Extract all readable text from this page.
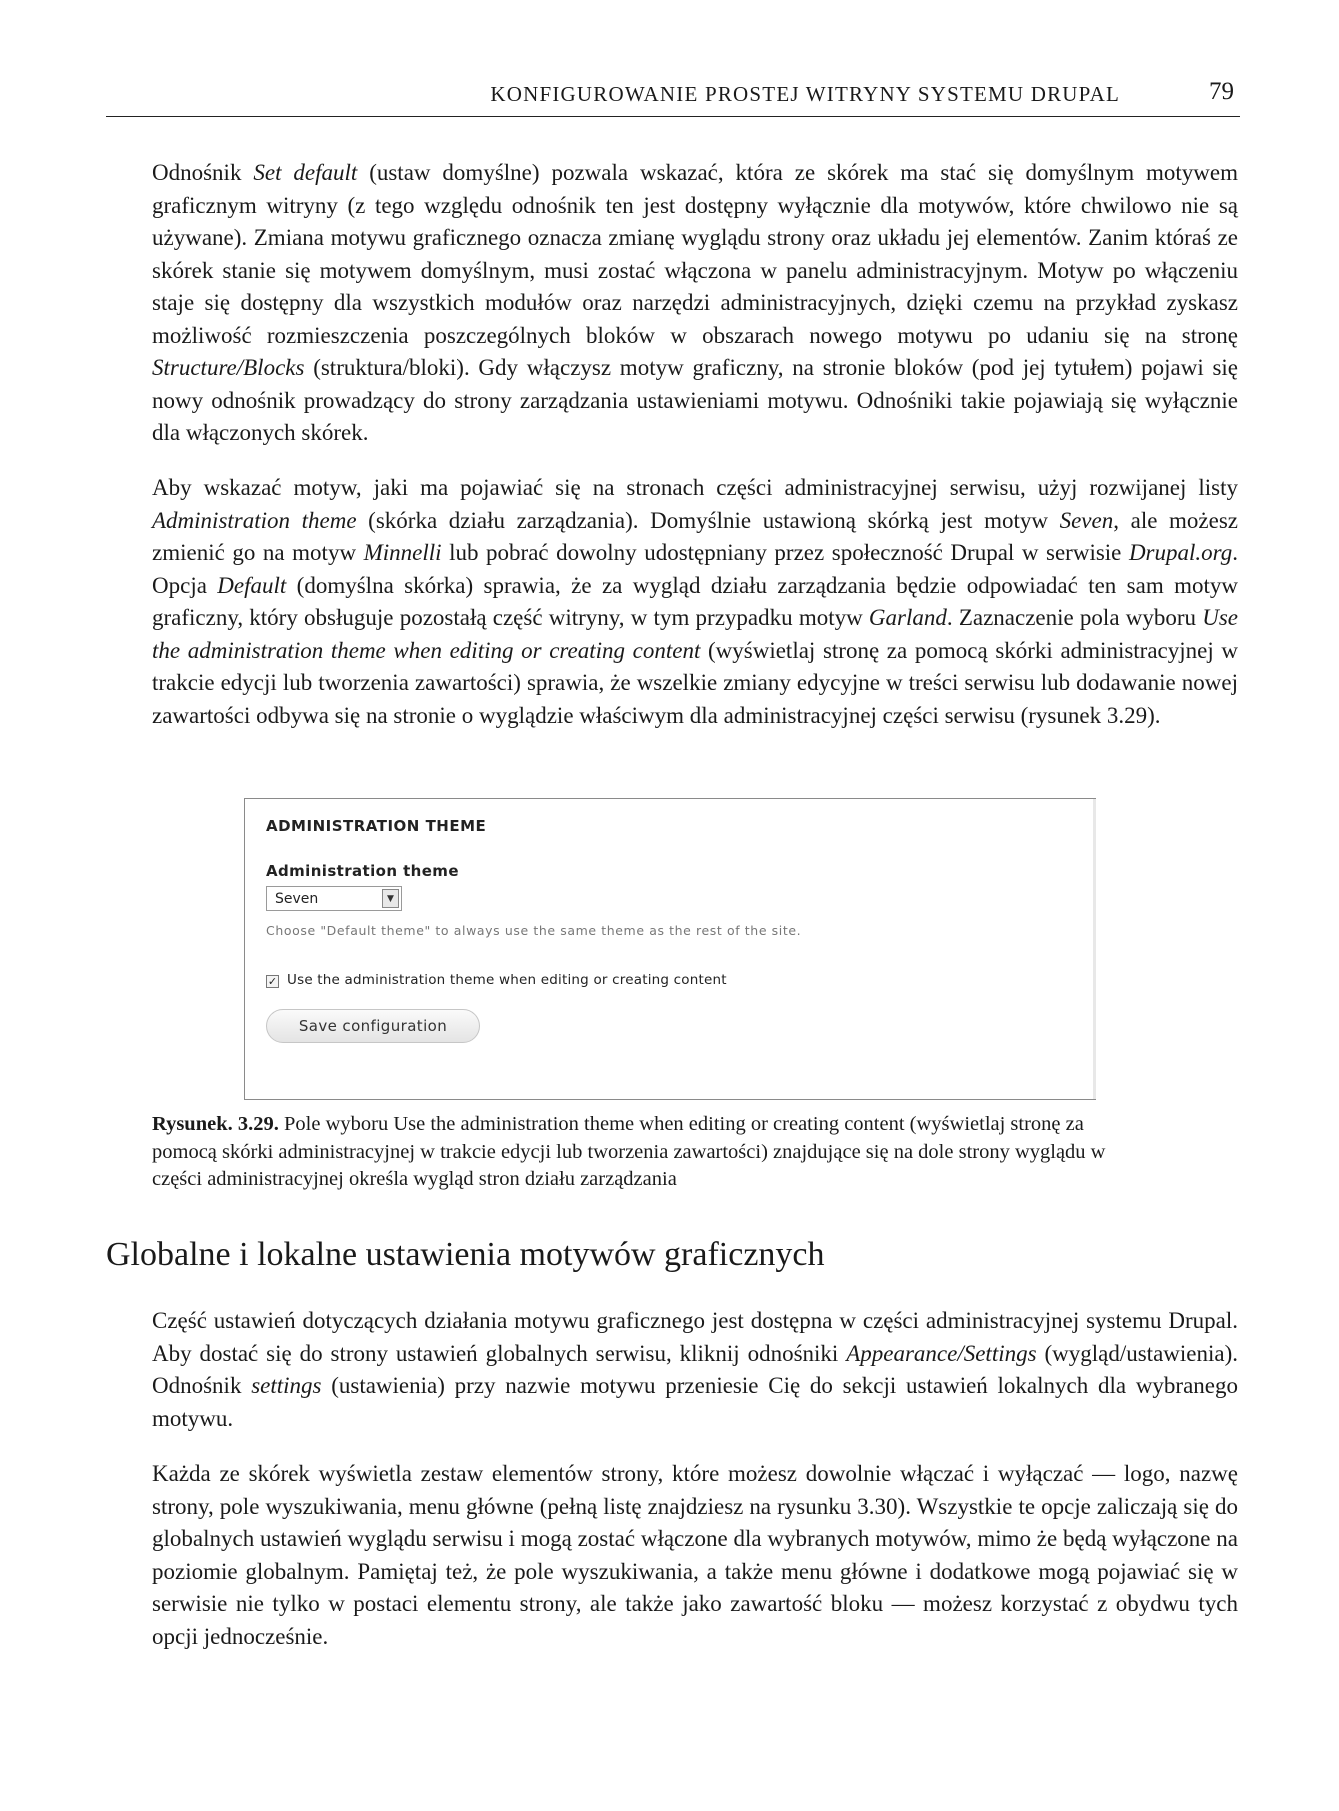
KONFIGUROWANIE PROSTEJ WITRYNY SYSTEMU DRUPAL	79

Odnośnik Set default (ustaw domyślne) pozwala wskazać, która ze skórek ma stać się domyślnym motywem graficznym witryny (z tego względu odnośnik ten jest dostępny wyłącznie dla motywów, które chwilowo nie są używane). Zmiana motywu graficznego oznacza zmianę wyglądu strony oraz układu jej elementów. Zanim któraś ze skórek stanie się motywem domyślnym, musi zostać włączona w panelu administracyjnym. Motyw po włączeniu staje się dostępny dla wszystkich modułów oraz narzędzi administracyjnych, dzięki czemu na przykład zyskasz możliwość rozmieszczenia poszczególnych bloków w obszarach nowego motywu po udaniu się na stronę Structure/Blocks (struktura/bloki). Gdy włączysz motyw graficzny, na stronie bloków (pod jej tytułem) pojawi się nowy odnośnik prowadzący do strony zarządzania ustawieniami motywu. Odnośniki takie pojawiają się wyłącznie dla włączonych skórek.

Aby wskazać motyw, jaki ma pojawiać się na stronach części administracyjnej serwisu, użyj rozwijanej listy Administration theme (skórka działu zarządzania). Domyślnie ustawioną skórką jest motyw Seven, ale możesz zmienić go na motyw Minnelli lub pobrać dowolny udostępniany przez społeczność Drupal w serwisie Drupal.org. Opcja Default (domyślna skórka) sprawia, że za wygląd działu zarządzania będzie odpowiadać ten sam motyw graficzny, który obsługuje pozostałą część witryny, w tym przypadku motyw Garland. Zaznaczenie pola wyboru Use the administration theme when editing or creating content (wyświetlaj stronę za pomocą skórki administracyjnej w trakcie edycji lub tworzenia zawartości) sprawia, że wszelkie zmiany edycyjne w treści serwisu lub dodawanie nowej zawartości odbywa się na stronie o wyglądzie właściwym dla administracyjnej części serwisu (rysunek 3.29).

ADMINISTRATION THEME
Administration theme
Seven	▼
Choose "Default theme" to always use the same theme as the rest of the site.
✓ Use the administration theme when editing or creating content
Save configuration

Rysunek. 3.29. Pole wyboru Use the administration theme when editing or creating content (wyświetlaj stronę za pomocą skórki administracyjnej w trakcie edycji lub tworzenia zawartości) znajdujące się na dole strony wyglądu w części administracyjnej określa wygląd stron działu zarządzania

Globalne i lokalne ustawienia motywów graficznych

Część ustawień dotyczących działania motywu graficznego jest dostępna w części administracyjnej systemu Drupal. Aby dostać się do strony ustawień globalnych serwisu, kliknij odnośniki Appearance/Settings (wygląd/ustawienia). Odnośnik settings (ustawienia) przy nazwie motywu przeniesie Cię do sekcji ustawień lokalnych dla wybranego motywu.

Każda ze skórek wyświetla zestaw elementów strony, które możesz dowolnie włączać i wyłączać — logo, nazwę strony, pole wyszukiwania, menu główne (pełną listę znajdziesz na rysunku 3.30). Wszystkie te opcje zaliczają się do globalnych ustawień wyglądu serwisu i mogą zostać włączone dla wybranych motywów, mimo że będą wyłączone na poziomie globalnym. Pamiętaj też, że pole wyszukiwania, a także menu główne i dodatkowe mogą pojawiać się w serwisie nie tylko w postaci elementu strony, ale także jako zawartość bloku — możesz korzystać z obydwu tych opcji jednocześnie.
